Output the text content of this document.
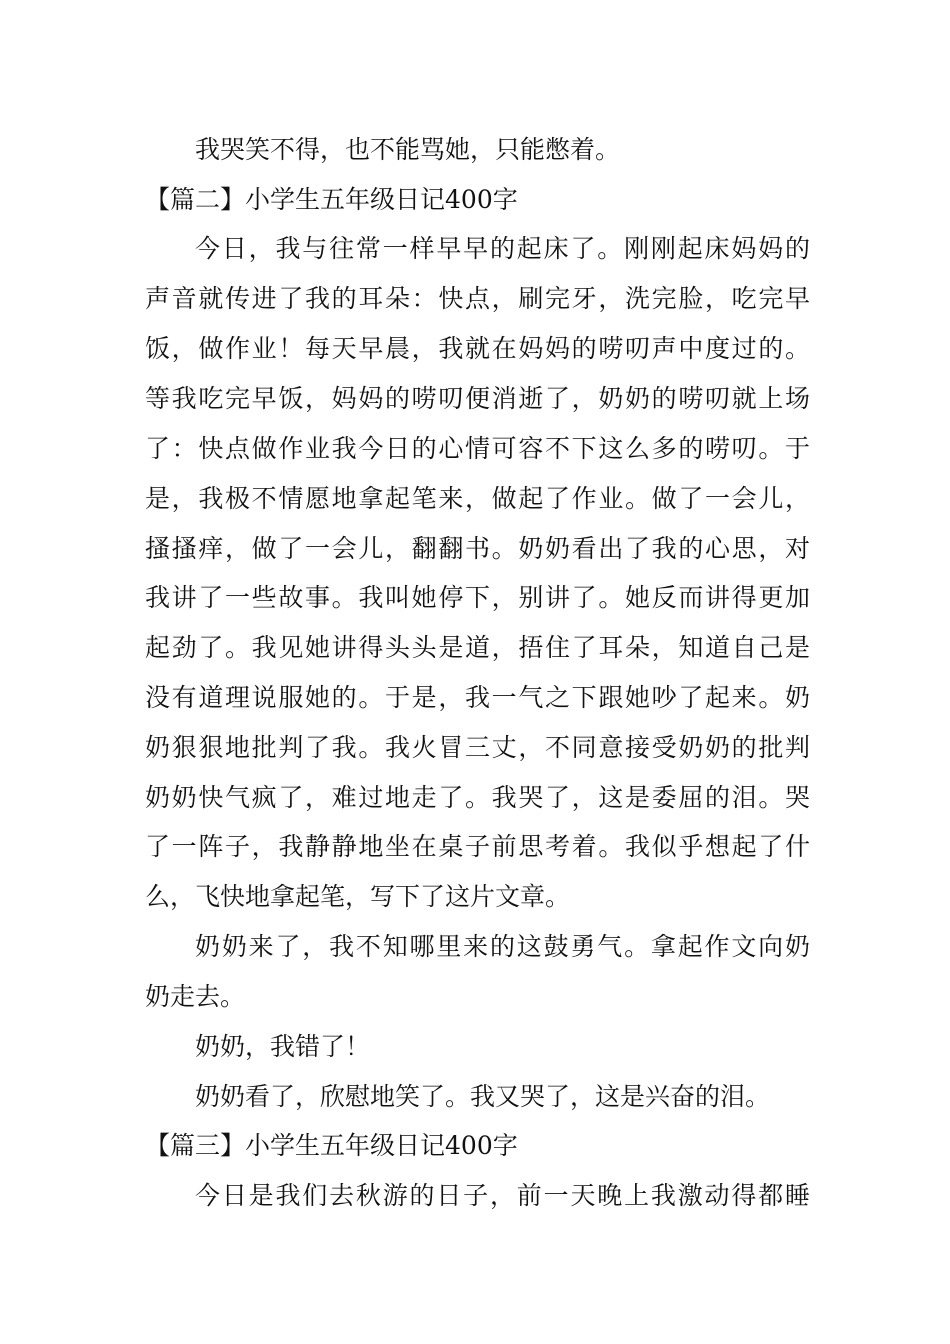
我哭笑不得，也不能骂她，只能憋着。
【篇二】小学生五年级日记400字
今日，我与往常一样早早的起床了。刚刚起床妈妈的
声音就传进了我的耳朵：快点，刷完牙，洗完脸，吃完早
饭，做作业！每天早晨，我就在妈妈的唠叨声中度过的。
等我吃完早饭，妈妈的唠叨便消逝了，奶奶的唠叨就上场
了：快点做作业我今日的心情可容不下这么多的唠叨。于
是，我极不情愿地拿起笔来，做起了作业。做了一会儿，
搔搔痒，做了一会儿，翻翻书。奶奶看出了我的心思，对
我讲了一些故事。我叫她停下，别讲了。她反而讲得更加
起劲了。我见她讲得头头是道，捂住了耳朵，知道自己是
没有道理说服她的。于是，我一气之下跟她吵了起来。奶
奶狠狠地批判了我。我火冒三丈，不同意接受奶奶的批判
奶奶快气疯了，难过地走了。我哭了，这是委屈的泪。哭
了一阵子，我静静地坐在桌子前思考着。我似乎想起了什
么，飞快地拿起笔，写下了这片文章。
奶奶来了，我不知哪里来的这鼓勇气。拿起作文向奶
奶走去。
奶奶，我错了！
奶奶看了，欣慰地笑了。我又哭了，这是兴奋的泪。
【篇三】小学生五年级日记400字
今日是我们去秋游的日子，前一天晚上我激动得都睡
